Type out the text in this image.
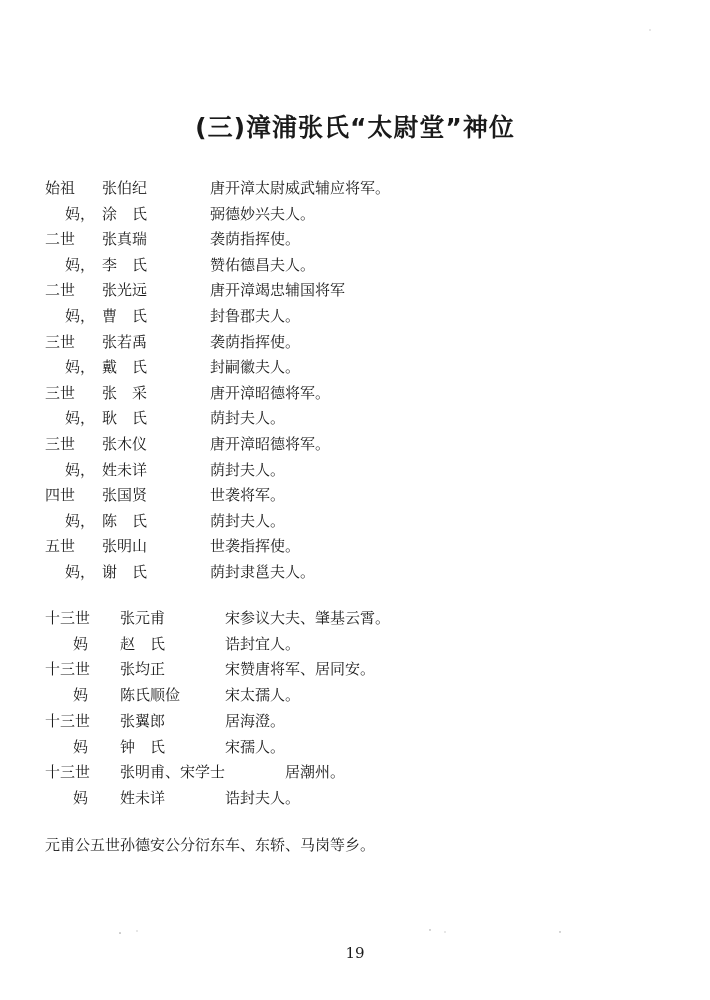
(三)漳浦张氏“太尉堂”神位
始祖 张伯纪	唐开漳太尉威武辅应将军。
妈， 涂　氏	弼德妙兴夫人。
二世 张真瑞	袭荫指挥使。
妈， 李　氏	赞佑德昌夫人。
二世 张光远	唐开漳竭忠辅国将军
妈， 曹　氏	封鲁郡夫人。
三世 张若禹	袭荫指挥使。
妈， 戴　氏	封嗣徽夫人。
三世 张　采	唐开漳昭德将军。
妈， 耿　氏	荫封夫人。
三世 张木仪	唐开漳昭德将军。
妈， 姓未详	荫封夫人。
四世 张国贤	世袭将军。
妈， 陈　氏	荫封夫人。
五世 张明山	世袭指挥使。
妈， 谢　氏	荫封隶邕夫人。
十三世 张元甫	宋参议大夫、肇基云霄。
妈 赵　氏	诰封宜人。
十三世 张均正	宋赞唐将军、居同安。
妈 陈氏顺俭	宋太孺人。
十三世 张翼郎	居海澄。
妈 钟　氏	宋孺人。
十三世 张明甫、宋学士	居潮州。
妈 姓未详	诰封夫人。
元甫公五世孙德安公分衍东车、东轿、马岗等乡。
19
